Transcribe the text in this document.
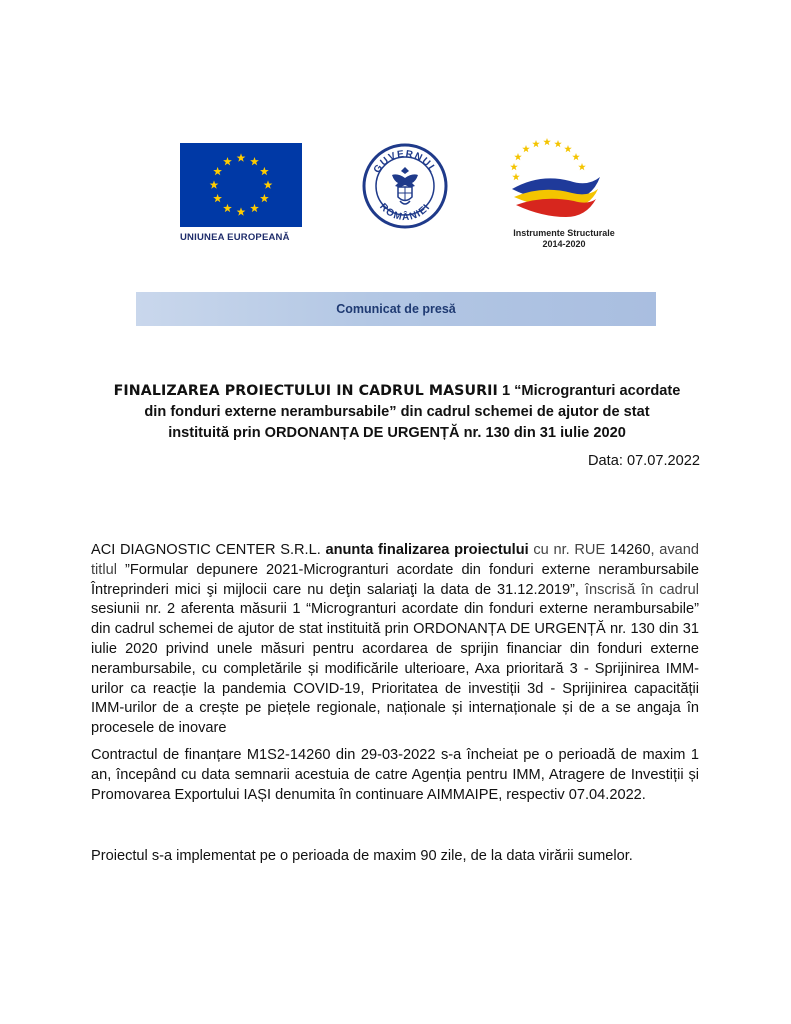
UNIUNEA EUROPEANĂ
GUVERNUL
ROMÂNIEI
Instrumente Structurale
2014-2020
Comunicat de presă
FINALIZAREA PROIECTULUI IN CADRUL MASURII 1 “Microgranturi acordate
din fonduri externe nerambursabile” din cadrul schemei de ajutor de stat
instituită prin ORDONANȚA DE URGENȚĂ nr. 130 din 31 iulie 2020
Data: 07.07.2022
ACI DIAGNOSTIC CENTER S.R.L. anunta finalizarea proiectului cu nr. RUE 14260, avand titlul ”Formular depunere 2021-Microgranturi acordate din fonduri externe nerambursabile Întreprinderi mici şi mijlocii care nu deţin salariaţi la data de 31.12.2019”, înscrisă în cadrul sesiunii nr. 2 aferenta măsurii 1 “Microgranturi acordate din fonduri externe nerambursabile” din cadrul schemei de ajutor de stat instituită prin ORDONANȚA DE URGENȚĂ nr. 130 din 31 iulie 2020 privind unele măsuri pentru acordarea de sprijin financiar din fonduri externe nerambursabile, cu completările și modificările ulterioare, Axa prioritară 3 - Sprijinirea IMM-urilor ca reacție la pandemia COVID-19, Prioritatea de investiții 3d - Sprijinirea capacității IMM-urilor de a crește pe piețele regionale, naționale și internaționale și de a se angaja în procesele de inovare
Contractul de finanțare M1S2-14260 din 29-03-2022 s-a încheiat pe o perioadă de maxim 1 an, începând cu data semnarii acestuia de catre Agenția pentru IMM, Atragere de Investiții și Promovarea Exportului IAȘI denumita în continuare AIMMAIPE, respectiv 07.04.2022.
Proiectul s-a implementat pe o perioada de maxim 90 zile, de la data virării sumelor.
